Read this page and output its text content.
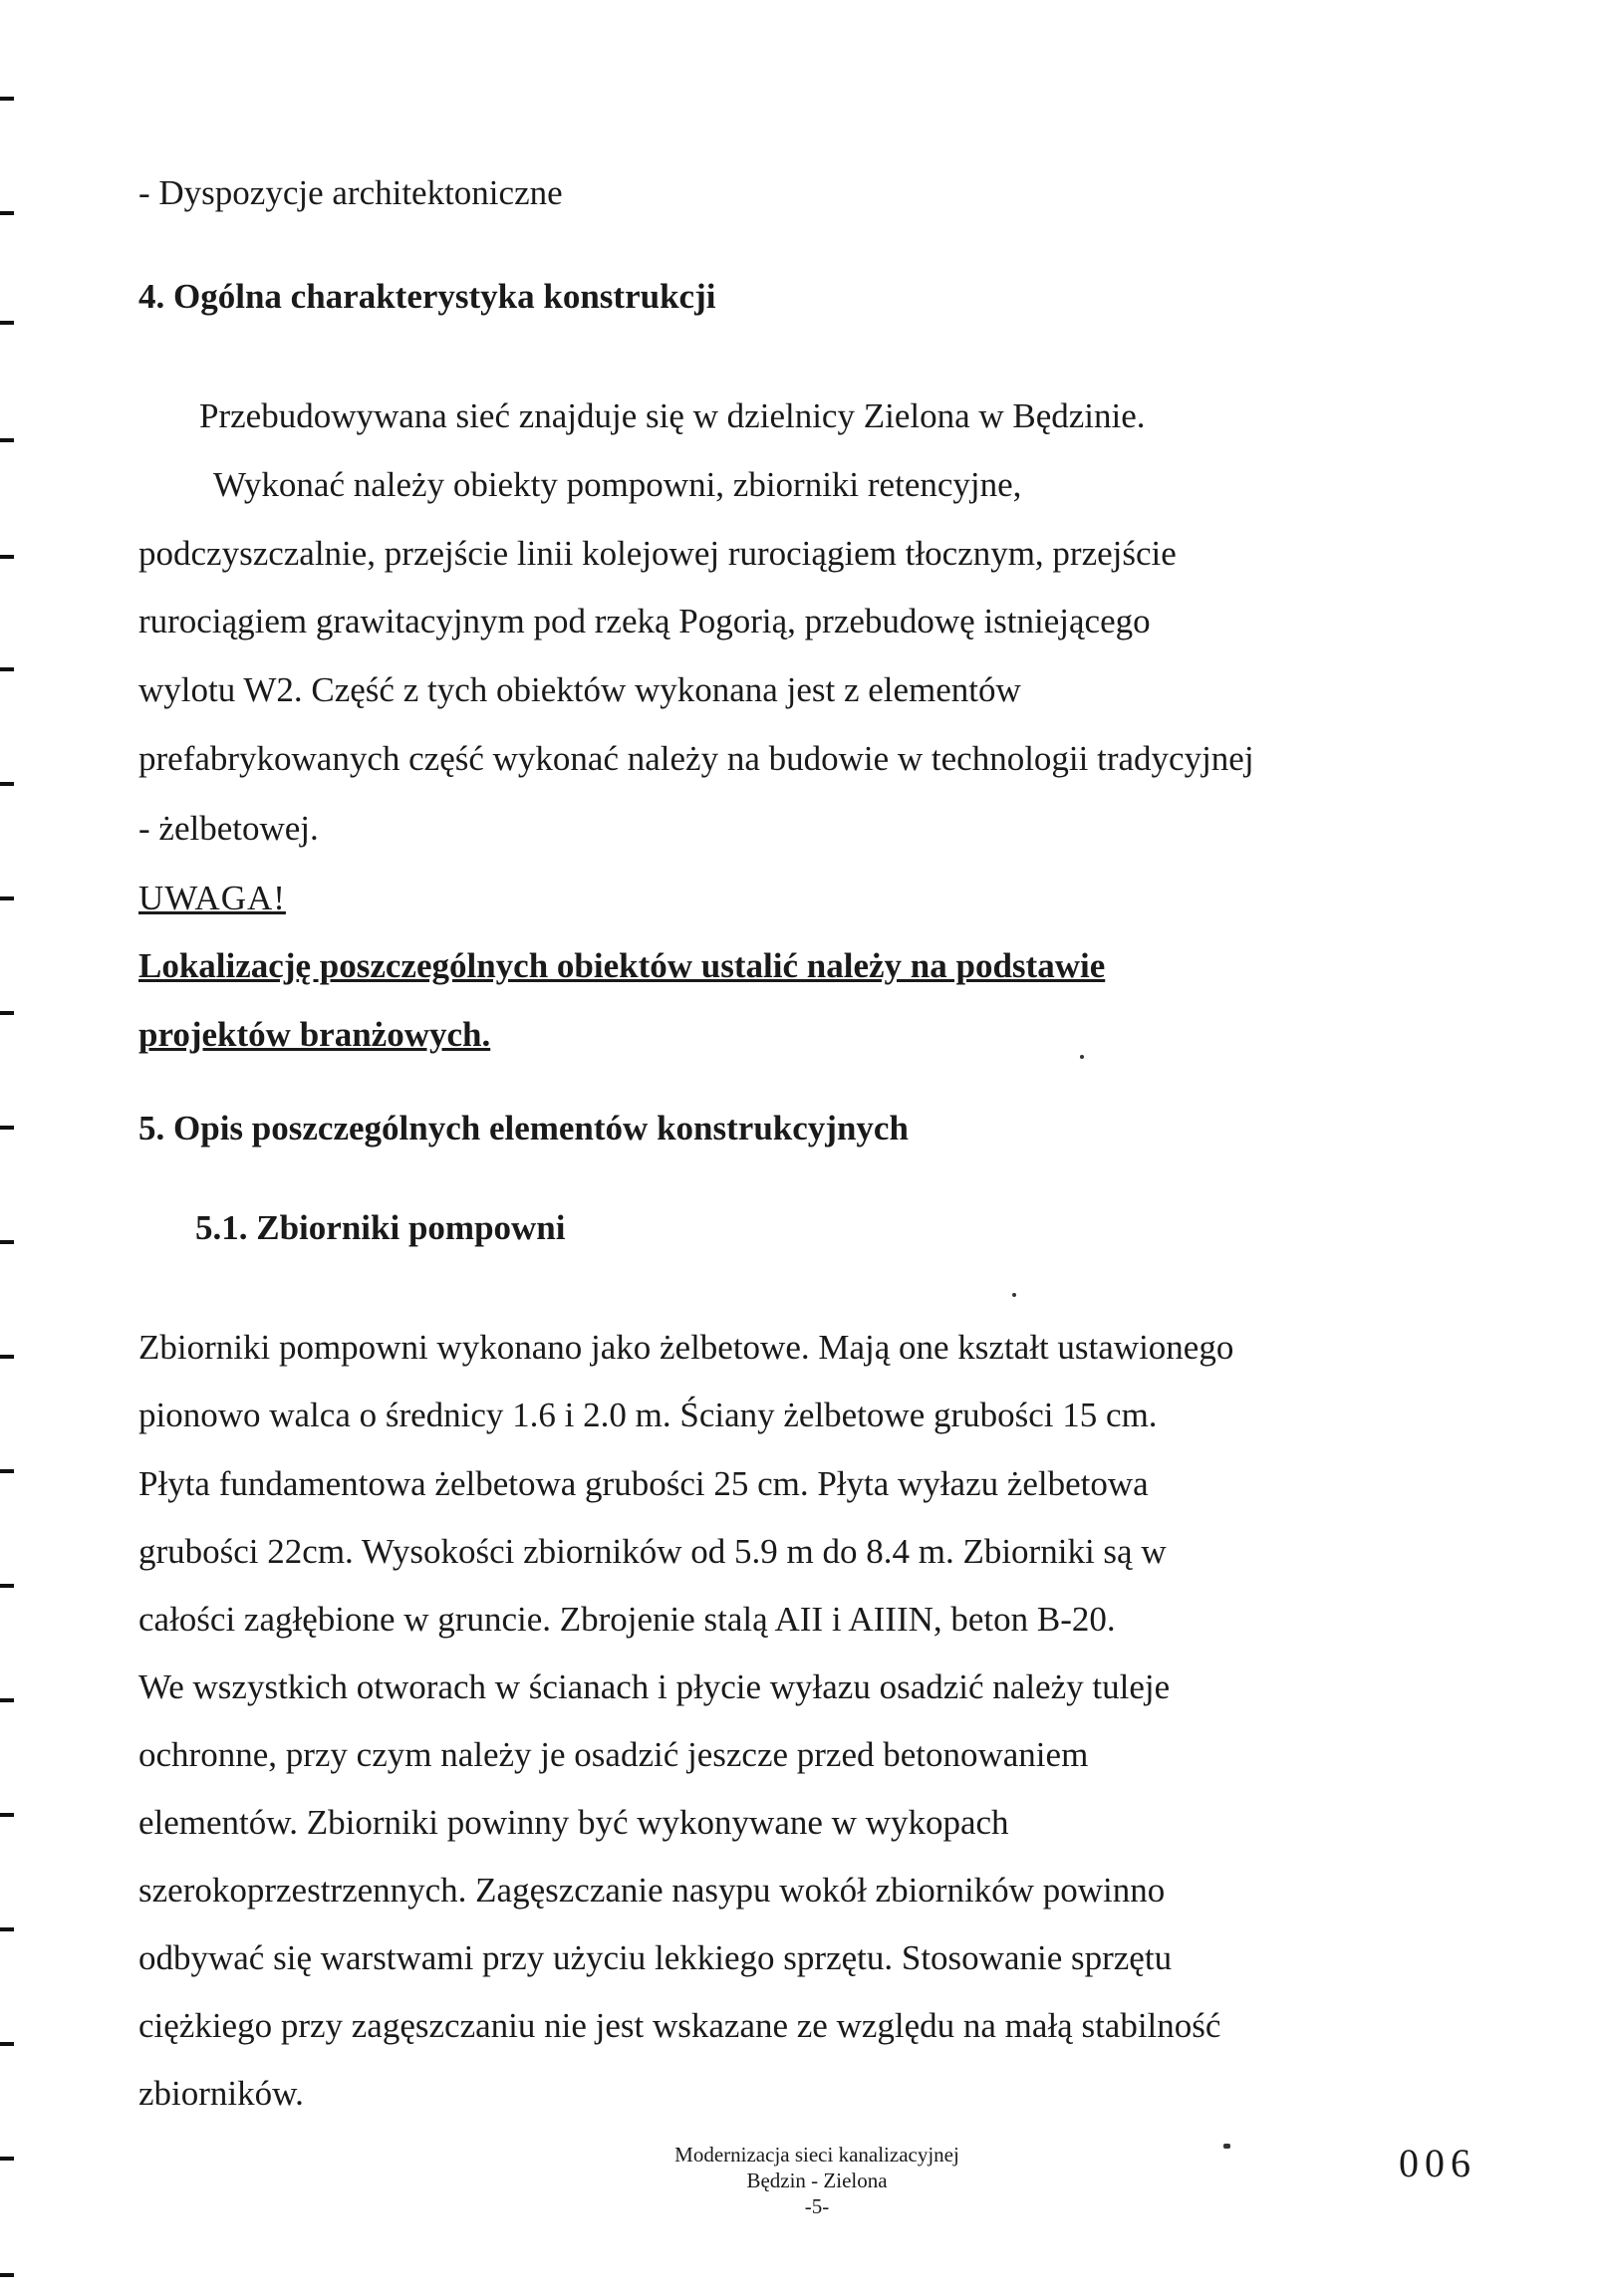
- Dyspozycje architektoniczne
4. Ogólna charakterystyka konstrukcji
Przebudowywana sieć znajduje się w dzielnicy Zielona w Będzinie.
Wykonać należy obiekty pompowni, zbiorniki retencyjne,
podczyszczalnie, przejście linii kolejowej rurociągiem tłocznym, przejście
rurociągiem grawitacyjnym pod rzeką Pogorią, przebudowę istniejącego
wylotu W2. Część z tych obiektów wykonana jest z elementów
prefabrykowanych część wykonać należy na budowie w technologii tradycyjnej
- żelbetowej.
UWAGA!
Lokalizację poszczególnych obiektów ustalić należy na podstawie
projektów branżowych.
5. Opis poszczególnych elementów konstrukcyjnych
5.1. Zbiorniki pompowni
Zbiorniki pompowni wykonano jako żelbetowe. Mają one kształt ustawionego
pionowo walca o średnicy 1.6 i 2.0 m. Ściany żelbetowe grubości 15 cm.
Płyta fundamentowa żelbetowa grubości 25 cm. Płyta wyłazu żelbetowa
grubości 22cm. Wysokości zbiorników od 5.9 m do 8.4 m. Zbiorniki są w
całości zagłębione w gruncie. Zbrojenie stalą AII i AIIIN, beton B-20.
We wszystkich otworach w ścianach i płycie wyłazu osadzić należy tuleje
ochronne, przy czym należy je osadzić jeszcze przed betonowaniem
elementów. Zbiorniki powinny być wykonywane w wykopach
szerokoprzestrzennych. Zagęszczanie nasypu wokół zbiorników powinno
odbywać się warstwami przy użyciu lekkiego sprzętu. Stosowanie sprzętu
ciężkiego przy zagęszczaniu nie jest wskazane ze względu na małą stabilność
zbiorników.
Modernizacja sieci kanalizacyjnej
Będzin - Zielona
-5-
006
